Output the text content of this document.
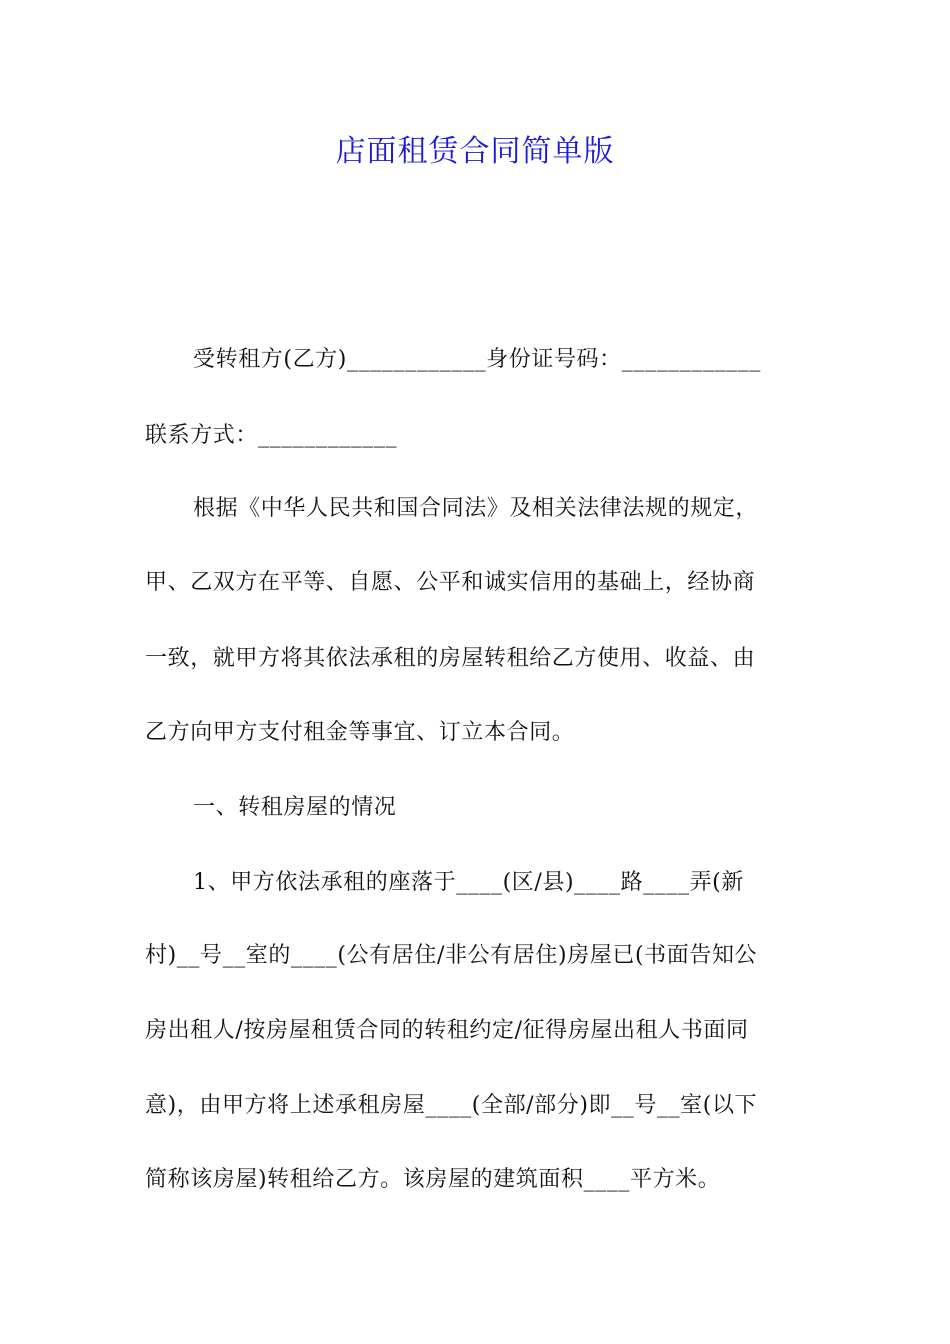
店面租赁合同简单版
受转租方(乙方)____________身份证号码：____________
联系方式：____________
根据《中华人民共和国合同法》及相关法律法规的规定，
甲、乙双方在平等、自愿、公平和诚实信用的基础上，经协商
一致，就甲方将其依法承租的房屋转租给乙方使用、收益、由
乙方向甲方支付租金等事宜、订立本合同。
一、转租房屋的情况
1、甲方依法承租的座落于____(区/县)____路____弄(新
村)__号__室的____(公有居住/非公有居住)房屋已(书面告知公
房出租人/按房屋租赁合同的转租约定/征得房屋出租人书面同
意)，由甲方将上述承租房屋____(全部/部分)即__号__室(以下
简称该房屋)转租给乙方。该房屋的建筑面积____平方米。
